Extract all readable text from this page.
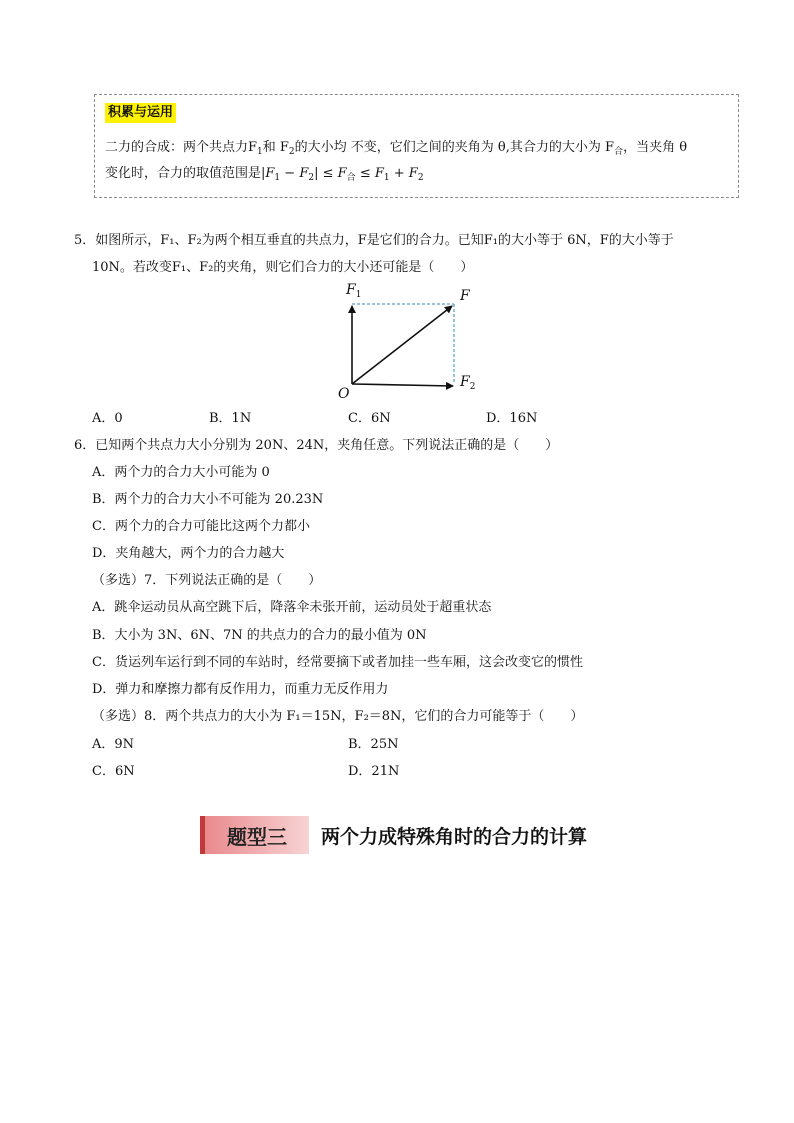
积累与运用
二力的合成：两个共点力$F_1$和 $F_2$的大小均 不变，它们之间的夹角为 θ,其合力的大小为 $F_合$，当夹角 θ
变化时，合力的取值范围是$|F_1 - F_2| \le F_合 \le F_1 + F_2$
5．如图所示，F₁、F₂为两个相互垂直的共点力，F是它们的合力。已知F₁的大小等于 6N，F的大小等于
10N。若改变F₁、F₂的夹角，则它们合力的大小还可能是（　　）
$F_1$	F
$F_2$
O
A．0	B．1N	C．6N	D．16N
6．已知两个共点力大小分别为 20N、24N，夹角任意。下列说法正确的是（　　）
A．两个力的合力大小可能为 0
B．两个力的合力大小不可能为 20.23N
C．两个力的合力可能比这两个力都小
D．夹角越大，两个力的合力越大
（多选）7．下列说法正确的是（　　）
A．跳伞运动员从高空跳下后，降落伞未张开前，运动员处于超重状态
B．大小为 3N、6N、7N 的共点力的合力的最小值为 0N
C．货运列车运行到不同的车站时，经常要摘下或者加挂一些车厢，这会改变它的惯性
D．弹力和摩擦力都有反作用力，而重力无反作用力
（多选）8．两个共点力的大小为 F₁＝15N，F₂＝8N，它们的合力可能等于（　　）
A．9N	B．25N
C．6N	D．21N
题型三	两个力成特殊角时的合力的计算
